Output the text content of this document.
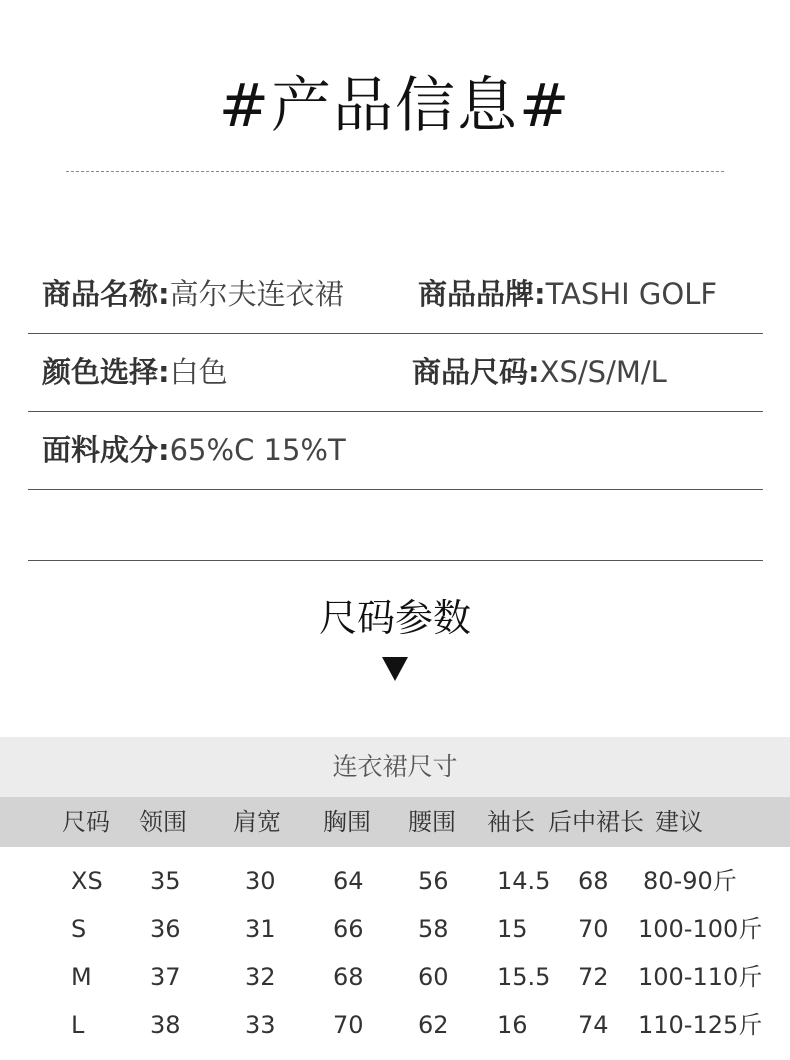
#产品信息#
商品名称:高尔夫连衣裙	商品品牌:TASHI GOLF
颜色选择:白色	商品尺码:XS/S/M/L
面料成分:65%C 15%T
尺码参数
连衣裙尺寸
尺码 领围 肩宽 胸围 腰围 袖长 后中裙长 建议
XS 35	30 64 56 14.5 68 80-90斤
S	36	31 66 58 15 70 100-100斤
M 37	32 68 60 15.5 72 100-110斤
L	38	33 70 62 16 74 110-125斤
